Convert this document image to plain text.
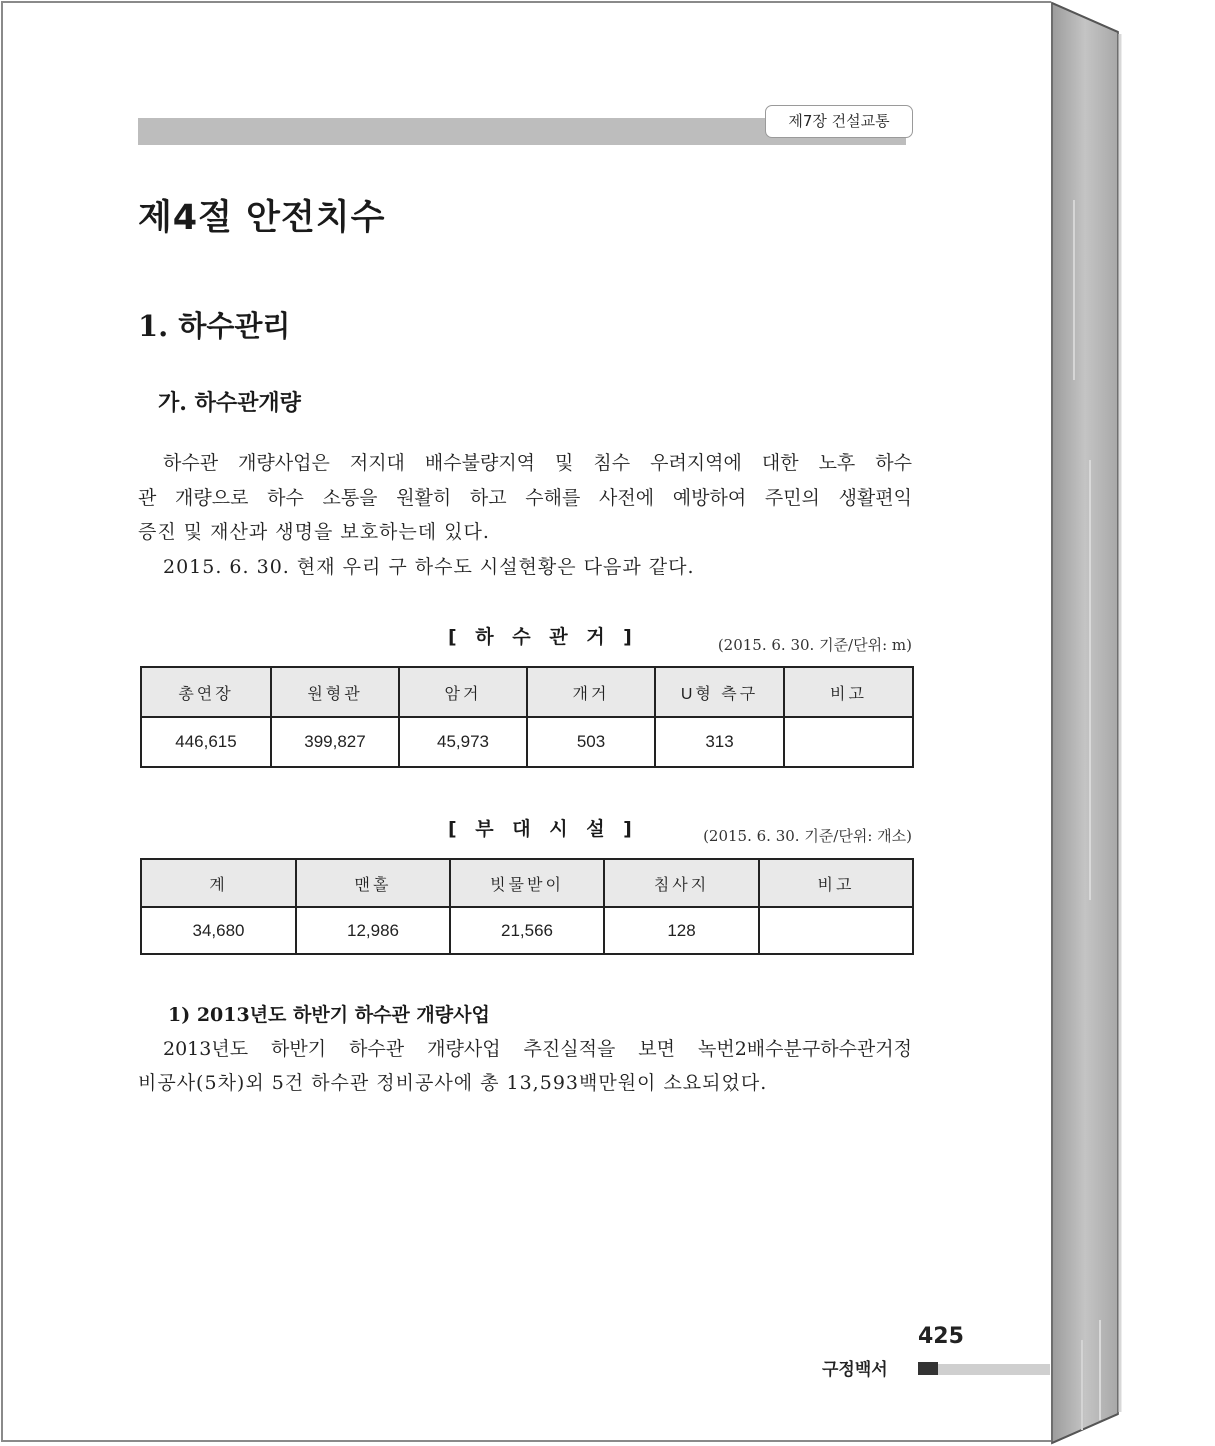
제7장 건설교통
제4절 안전치수
1. 하수관리
가. 하수관개량
하수관 개량사업은 저지대 배수불량지역 및 침수 우려지역에 대한 노후 하수
관 개량으로 하수 소통을 원활히 하고 수해를 사전에 예방하여 주민의 생활편익
증진 및 재산과 생명을 보호하는데 있다.
2015. 6. 30. 현재 우리 구 하수도 시설현황은 다음과 같다.
[ 하 수 관 거 ]	(2015. 6. 30. 기준/단위: m)
총연장	원형관	암거	개거	U형 측구	비고
446,615	399,827	45,973	503	313	
[ 부 대 시 설 ]	(2015. 6. 30. 기준/단위: 개소)
계	맨홀	빗물받이	침사지	비고
34,680	12,986	21,566	128	
1) 2013년도 하반기 하수관 개량사업
2013년도 하반기 하수관 개량사업 추진실적을 보면 녹번2배수분구하수관거정
비공사(5차)외 5건 하수관 정비공사에 총 13,593백만원이 소요되었다.
425
구정백서
